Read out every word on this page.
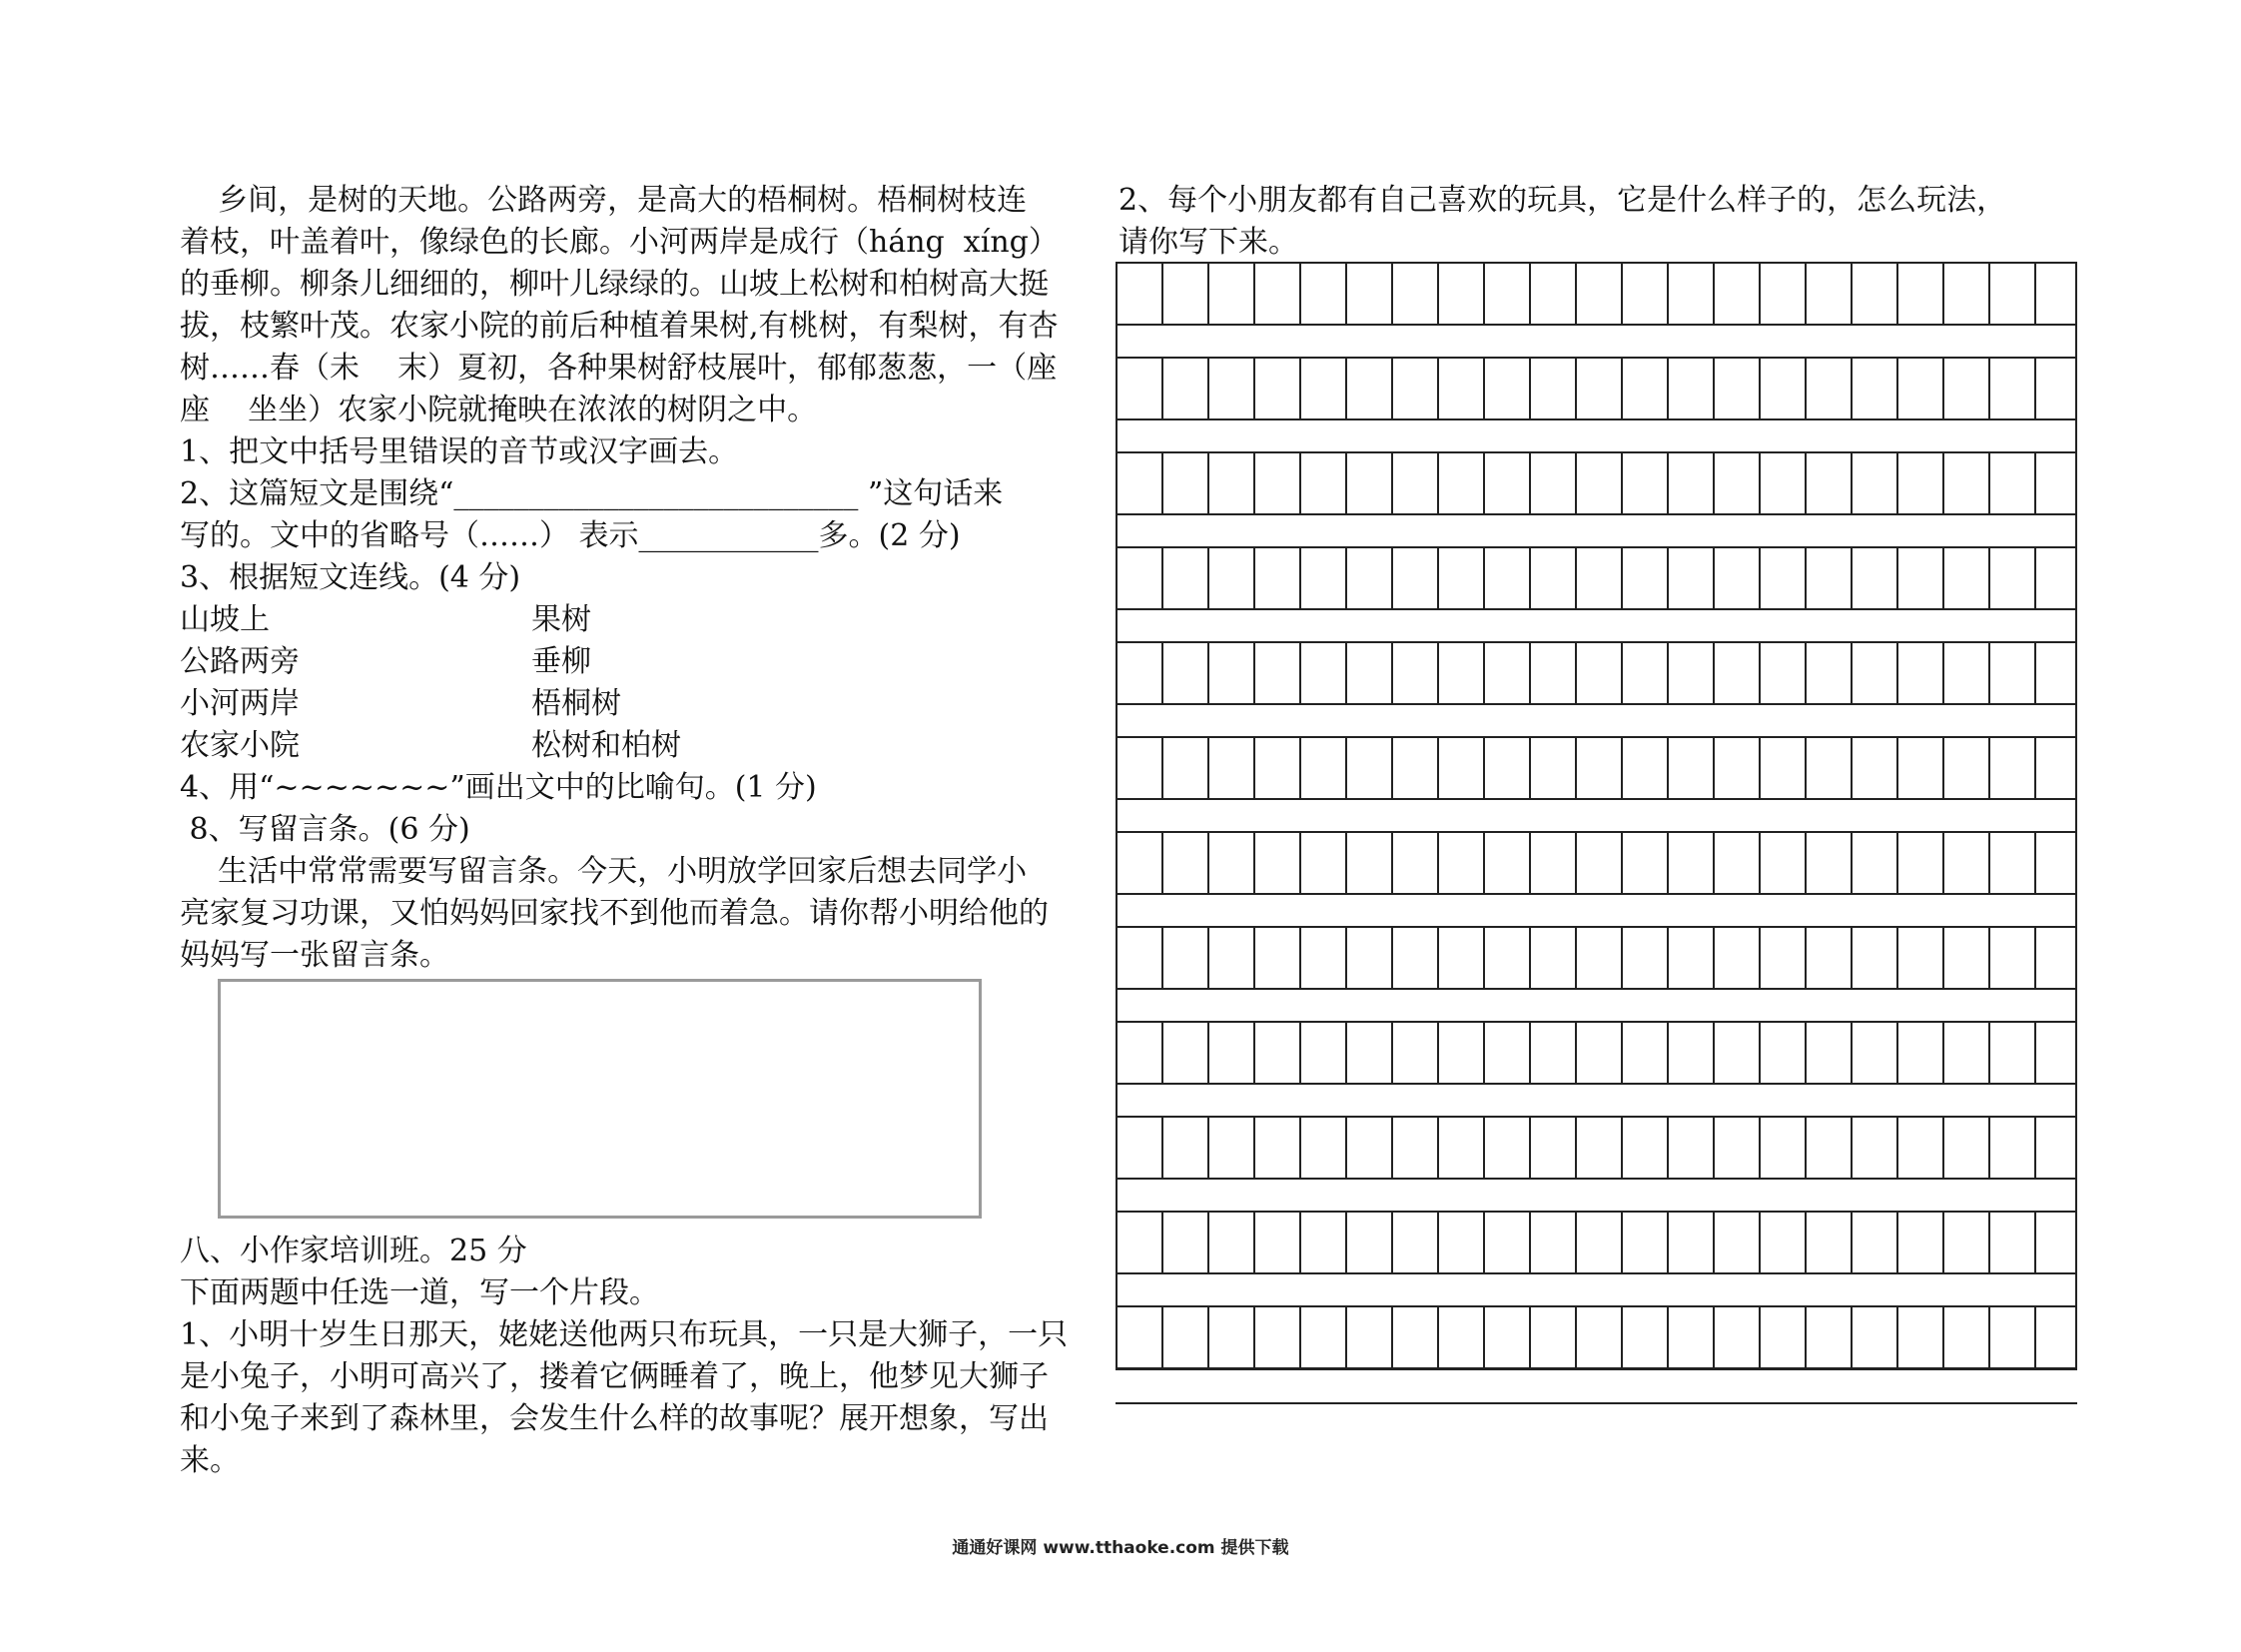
乡间，是树的天地。公路两旁，是高大的梧桐树。梧桐树枝连

着枝，叶盖着叶，像绿色的长廊。小河两岸是成行（háng  xíng）

的垂柳。柳条儿细细的，柳叶儿绿绿的。山坡上松树和柏树高大挺

拔，枝繁叶茂。农家小院的前后种植着果树,有桃树，有梨树，有杏

树……春（未    末）夏初，各种果树舒枝展叶，郁郁葱葱，一（座

座    坐坐）农家小院就掩映在浓浓的树阴之中。

1、把文中括号里错误的音节或汉字画去。

2、这篇短文是围绕“___________________________ ”这句话来

写的。文中的省略号（……） 表示____________多。(2 分)

3、根据短文连线。(4 分)

山坡上	果树
公路两旁	垂柳
小河两岸	梧桐树
农家小院	松树和柏树

4、用“~~~~~~~”画出文中的比喻句。(1 分)

8、写留言条。(6 分)

生活中常常需要写留言条。今天，小明放学回家后想去同学小

亮家复习功课，又怕妈妈回家找不到他而着急。请你帮小明给他的

妈妈写一张留言条。

八、小作家培训班。25 分

下面两题中任选一道，写一个片段。

1、小明十岁生日那天，姥姥送他两只布玩具，一只是大狮子，一只

是小兔子，小明可高兴了，搂着它俩睡着了，晚上，他梦见大狮子

和小兔子来到了森林里，会发生什么样的故事呢？展开想象，写出

来。

2、每个小朋友都有自己喜欢的玩具，它是什么样子的，怎么玩法，

请你写下来。

通通好课网 www.tthaoke.com 提供下载
